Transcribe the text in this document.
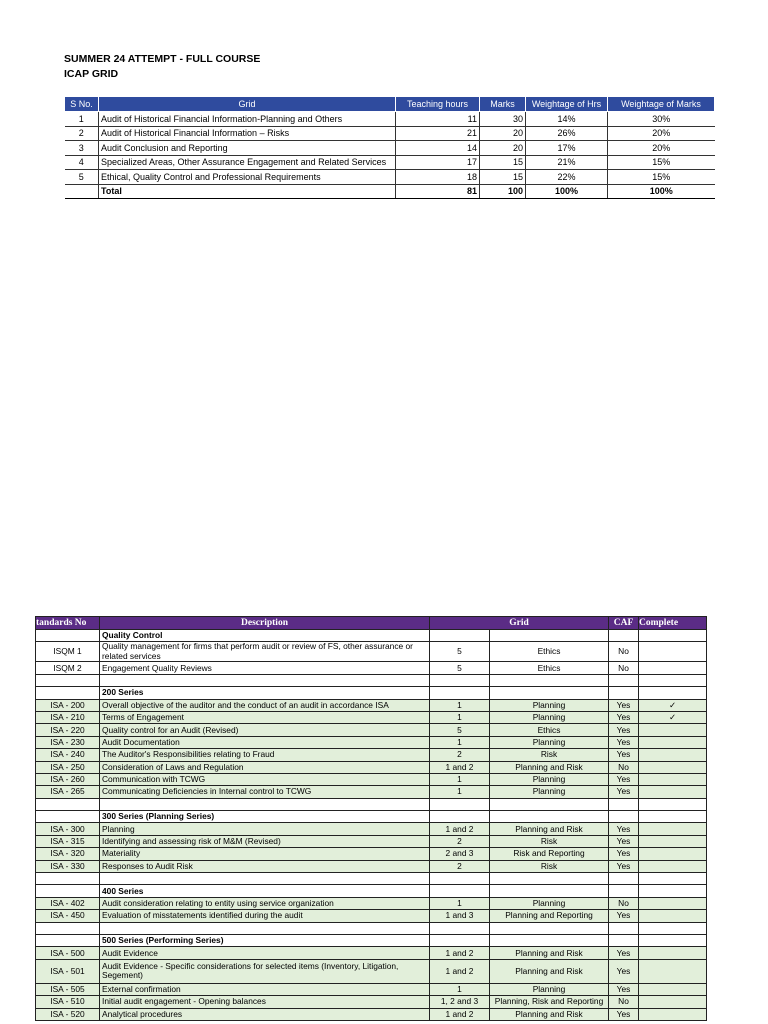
SUMMER 24 ATTEMPT - FULL COURSE
ICAP GRID
S No.	Grid	Teaching hours	Marks	Weightage of Hrs	Weightage of Marks
1	Audit of Historical Financial Information-Planning and Others	11	30	14%	30%
2	Audit of Historical Financial Information – Risks	21	20	26%	20%
3	Audit Conclusion and Reporting	14	20	17%	20%
4	Specialized Areas, Other Assurance Engagement and Related Services	17	15	21%	15%
5	Ethical, Quality Control and Professional Requirements	18	15	22%	15%
	Total	81	100	100%	100%
tandards No	Description	Grid		CAF	Complete
	Quality Control				
ISQM 1	Quality management for firms that perform audit or review of FS, other assurance or related services	5	Ethics	No	
ISQM 2	Engagement Quality Reviews	5	Ethics	No	

	200 Series				
ISA - 200	Overall objective of the auditor and the conduct of an audit in accordance ISA	1	Planning	Yes	✓
ISA - 210	Terms of Engagement	1	Planning	Yes	✓
ISA - 220	Quality control for an Audit (Revised)	5	Ethics	Yes	
ISA - 230	Audit Documentation	1	Planning	Yes	
ISA - 240	The Auditor's Responsibilities relating to Fraud	2	Risk	Yes	
ISA - 250	Consideration of Laws and Regulation	1 and 2	Planning and Risk	No	
ISA - 260	Communication with TCWG	1	Planning	Yes	
ISA - 265	Communicating Deficiencies in Internal control to TCWG	1	Planning	Yes	

	300 Series (Planning Series)				
ISA - 300	Planning	1 and 2	Planning and Risk	Yes	
ISA - 315	Identifying and assessing risk of M&M (Revised)	2	Risk	Yes	
ISA - 320	Materiality	2 and 3	Risk and Reporting	Yes	
ISA - 330	Responses to Audit Risk	2	Risk	Yes	

	400 Series				
ISA - 402	Audit consideration relating to entity using service organization	1	Planning	No	
ISA - 450	Evaluation of misstatements identified during the audit	1 and 3	Planning and Reporting	Yes	

	500 Series (Performing Series)				
ISA - 500	Audit Evidence	1 and 2	Planning and Risk	Yes	
ISA - 501	Audit Evidence - Specific considerations for selected items (Inventory, Litigation, Segement)	1 and 2	Planning and Risk	Yes	
ISA - 505	External confirmation	1	Planning	Yes	
ISA - 510	Initial audit engagement - Opening balances	1, 2 and 3	Planning, Risk and Reporting	No	
ISA - 520	Analytical procedures	1 and 2	Planning and Risk	Yes	
